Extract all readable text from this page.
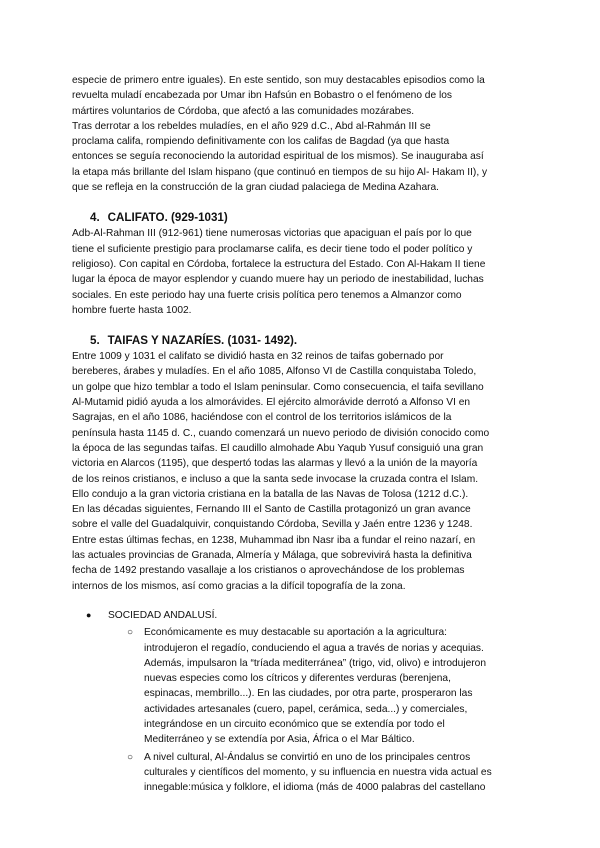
especie de primero entre iguales). En este sentido, son muy destacables episodios como la

revuelta muladí encabezada por Umar ibn Hafsún en Bobastro o el fenómeno de los

mártires voluntarios de Córdoba, que afectó a las comunidades mozárabes.

Tras derrotar a los rebeldes muladíes, en el año 929 d.C., Abd al-Rahmán III se

proclama califa, rompiendo definitivamente con los califas de Bagdad (ya que hasta

entonces se seguía reconociendo la autoridad espiritual de los mismos). Se inauguraba así

la etapa más brillante del Islam hispano (que continuó en tiempos de su hijo Al- Hakam II), y

que se refleja en la construcción de la gran ciudad palaciega de Medina Azahara.

4. CALIFATO. (929-1031)

Adb-Al-Rahman III (912-961) tiene numerosas victorias que apaciguan el país por lo que

tiene el suficiente prestigio para proclamarse califa, es decir tiene todo el poder político y

religioso). Con capital en Córdoba, fortalece la estructura del Estado. Con Al-Hakam II tiene

lugar la época de mayor esplendor y cuando muere hay un periodo de inestabilidad, luchas

sociales. En este periodo hay una fuerte crisis política pero tenemos a Almanzor como

hombre fuerte hasta 1002.

5. TAIFAS Y NAZARÍES. (1031- 1492).

Entre 1009 y 1031 el califato se dividió hasta en 32 reinos de taifas gobernado por

bereberes, árabes y muladíes. En el año 1085, Alfonso VI de Castilla conquistaba Toledo,

un golpe que hizo temblar a todo el Islam peninsular. Como consecuencia, el taifa sevillano

Al-Mutamid pidió ayuda a los almorávides. El ejército almorávide derrotó a Alfonso VI en

Sagrajas, en el año 1086, haciéndose con el control de los territorios islámicos de la

península hasta 1145 d. C., cuando comenzará un nuevo periodo de división conocido como

la época de las segundas taifas. El caudillo almohade Abu Yaqub Yusuf consiguió una gran

victoria en Alarcos (1195), que despertó todas las alarmas y llevó a la unión de la mayoría

de los reinos cristianos, e incluso a que la santa sede invocase la cruzada contra el Islam.

Ello condujo a la gran victoria cristiana en la batalla de las Navas de Tolosa (1212 d.C.).

En las décadas siguientes, Fernando III el Santo de Castilla protagonizó un gran avance

sobre el valle del Guadalquivir, conquistando Córdoba, Sevilla y Jaén entre 1236 y 1248.

Entre estas últimas fechas, en 1238, Muhammad ibn Nasr iba a fundar el reino nazarí, en

las actuales provincias de Granada, Almería y Málaga, que sobrevivirá hasta la definitiva

fecha de 1492 prestando vasallaje a los cristianos o aprovechándose de los problemas

internos de los mismos, así como gracias a la difícil topografía de la zona.

●	SOCIEDAD ANDALUSÍ.
○	Económicamente es muy destacable su aportación a la agricultura:

introdujeron el regadío, conduciendo el agua a través de norias y acequias.

Además, impulsaron la “tríada mediterránea” (trigo, vid, olivo) e introdujeron

nuevas especies como los cítricos y diferentes verduras (berenjena,

espinacas, membrillo...). En las ciudades, por otra parte, prosperaron las

actividades artesanales (cuero, papel, cerámica, seda...) y comerciales,

integrándose en un circuito económico que se extendía por todo el

Mediterráneo y se extendía por Asia, África o el Mar Báltico.

○	A nivel cultural, Al-Ándalus se convirtió en uno de los principales centros

culturales y científicos del momento, y su influencia en nuestra vida actual es

innegable:música y folklore, el idioma (más de 4000 palabras del castellano
